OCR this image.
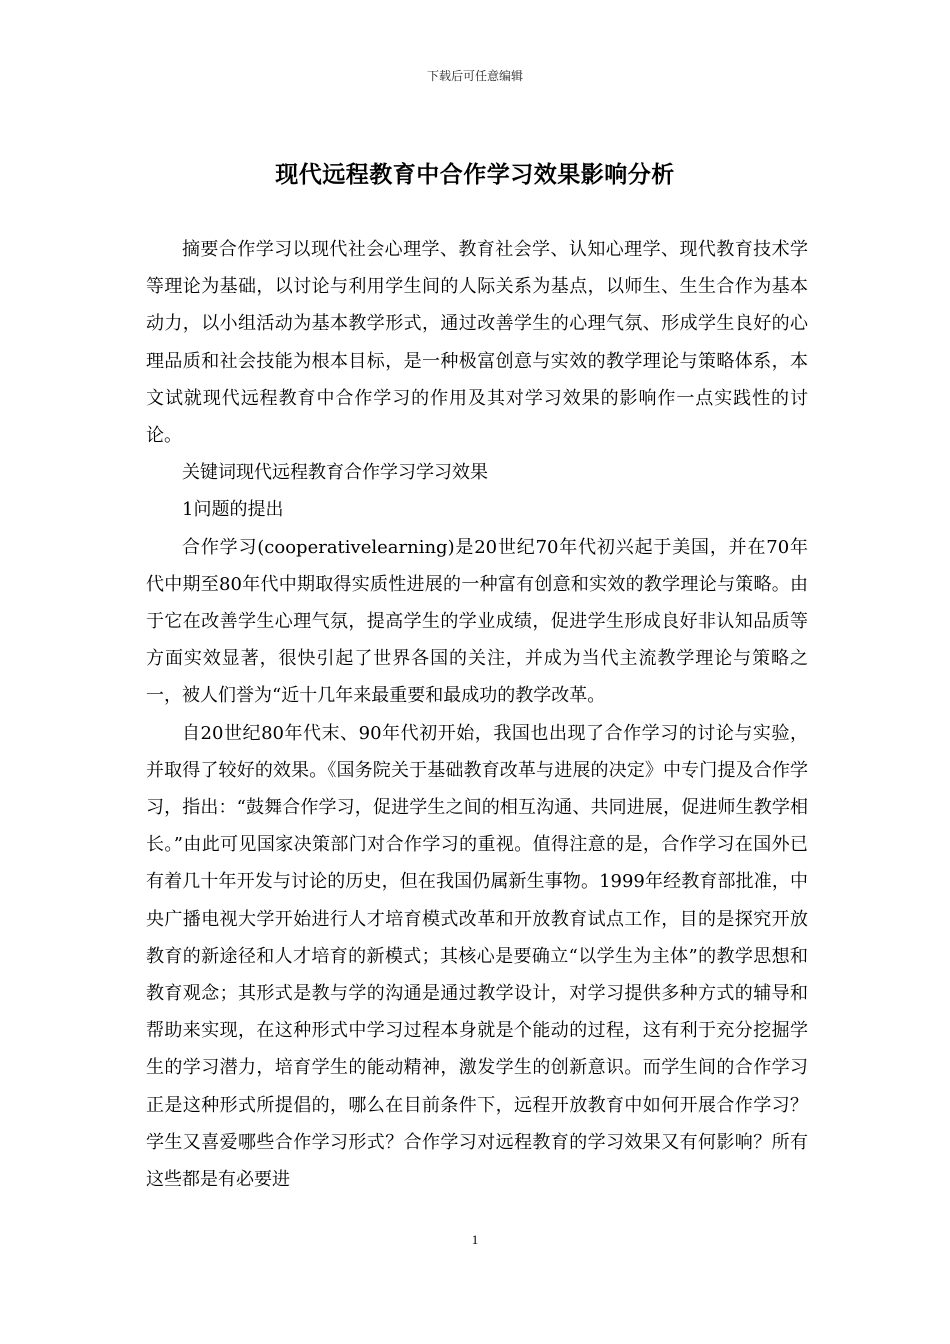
下载后可任意编辑
现代远程教育中合作学习效果影响分析

摘要合作学习以现代社会心理学、教育社会学、认知心理学、现代教育技术学等理论为基础，以讨论与利用学生间的人际关系为基点，以师生、生生合作为基本动力，以小组活动为基本教学形式，通过改善学生的心理气氛、形成学生良好的心理品质和社会技能为根本目标，是一种极富创意与实效的教学理论与策略体系，本文试就现代远程教育中合作学习的作用及其对学习效果的影响作一点实践性的讨论。

关键词现代远程教育合作学习学习效果

1问题的提出

合作学习(cooperativelearning)是20世纪70年代初兴起于美国，并在70年代中期至80年代中期取得实质性进展的一种富有创意和实效的教学理论与策略。由于它在改善学生心理气氛，提高学生的学业成绩，促进学生形成良好非认知品质等方面实效显著，很快引起了世界各国的关注，并成为当代主流教学理论与策略之一，被人们誉为“近十几年来最重要和最成功的教学改革。

自20世纪80年代末、90年代初开始，我国也出现了合作学习的讨论与实验，并取得了较好的效果。《国务院关于基础教育改革与进展的决定》中专门提及合作学习，指出：“鼓舞合作学习，促进学生之间的相互沟通、共同进展，促进师生教学相长。”由此可见国家决策部门对合作学习的重视。值得注意的是，合作学习在国外已有着几十年开发与讨论的历史，但在我国仍属新生事物。1999年经教育部批准，中央广播电视大学开始进行人才培育模式改革和开放教育试点工作，目的是探究开放教育的新途径和人才培育的新模式；其核心是要确立“以学生为主体”的教学思想和教育观念；其形式是教与学的沟通是通过教学设计，对学习提供多种方式的辅导和帮助来实现，在这种形式中学习过程本身就是个能动的过程，这有利于充分挖掘学生的学习潜力，培育学生的能动精神，激发学生的创新意识。而学生间的合作学习正是这种形式所提倡的，哪么在目前条件下，远程开放教育中如何开展合作学习？学生又喜爱哪些合作学习形式？合作学习对远程教育的学习效果又有何影响？所有这些都是有必要进

1
